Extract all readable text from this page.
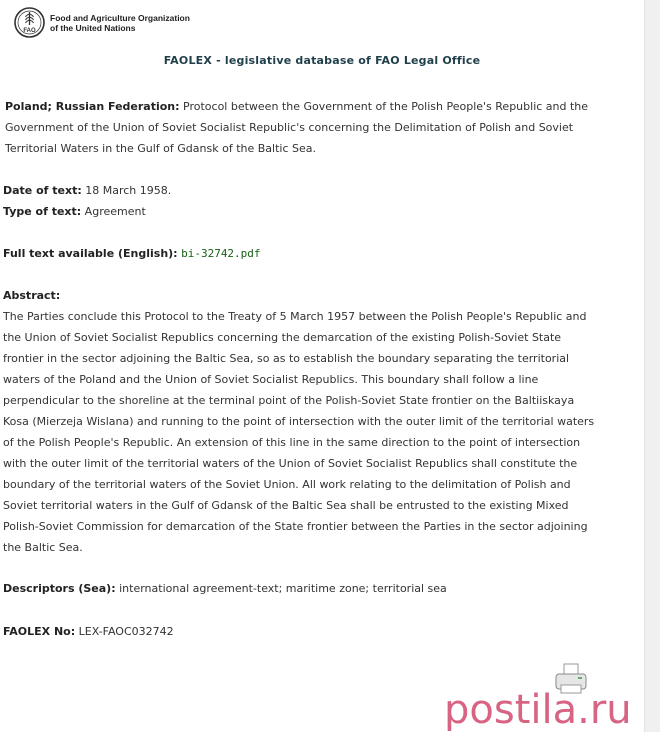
FAO
Food and Agriculture Organization
of the United Nations
FAOLEX - legislative database of FAO Legal Office
Poland; Russian Federation: Protocol between the Government of the Polish People's Republic and the Government of the Union of Soviet Socialist Republic's concerning the Delimitation of Polish and Soviet Territorial Waters in the Gulf of Gdansk of the Baltic Sea.
Date of text: 18 March 1958.
Type of text: Agreement
Full text available (English): bi-32742.pdf
Abstract:
The Parties conclude this Protocol to the Treaty of 5 March 1957 between the Polish People's Republic and the Union of Soviet Socialist Republics concerning the demarcation of the existing Polish-Soviet State frontier in the sector adjoining the Baltic Sea, so as to establish the boundary separating the territorial waters of the Poland and the Union of Soviet Socialist Republics. This boundary shall follow a line perpendicular to the shoreline at the terminal point of the Polish-Soviet State frontier on the Baltiiskaya Kosa (Mierzeja Wislana) and running to the point of intersection with the outer limit of the territorial waters of the Polish People's Republic. An extension of this line in the same direction to the point of intersection with the outer limit of the territorial waters of the Union of Soviet Socialist Republics shall constitute the boundary of the territorial waters of the Soviet Union. All work relating to the delimitation of Polish and Soviet territorial waters in the Gulf of Gdansk of the Baltic Sea shall be entrusted to the existing Mixed Polish-Soviet Commission for demarcation of the State frontier between the Parties in the sector adjoining the Baltic Sea.
Descriptors (Sea): international agreement-text; maritime zone; territorial sea
FAOLEX No: LEX-FAOC032742
postila.ru
